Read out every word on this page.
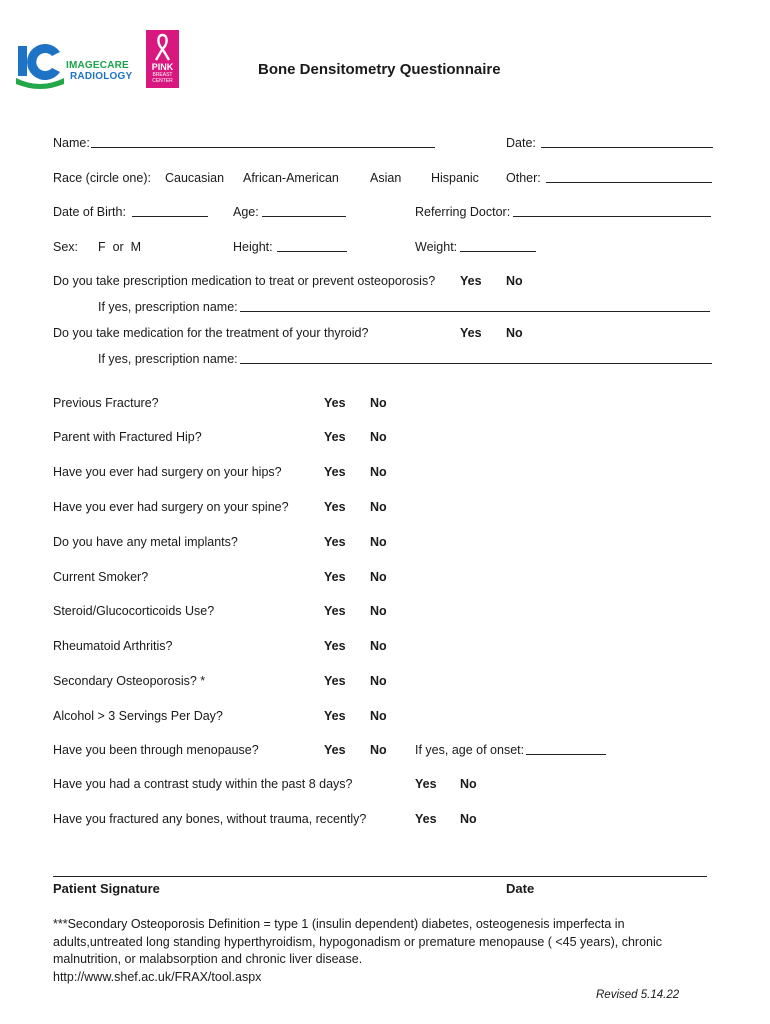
IMAGECARE
RADIOLOGY
PINK
BREAST
CENTER
Bone Densitometry Questionnaire
Name:	Date:
Race (circle one): Caucasian African-American Asian Hispanic Other:
Date of Birth:	Age:	Referring Doctor:
Sex: F  or  M	Height:	Weight:
Do you take prescription medication to treat or prevent osteoporosis? Yes No
If yes, prescription name:
Do you take medication for the treatment of your thyroid?	Yes No
If yes, prescription name:
Previous Fracture?	Yes No
Parent with Fractured Hip?	Yes No
Have you ever had surgery on your hips?	Yes No
Have you ever had surgery on your spine?	Yes No
Do you have any metal implants?	Yes No
Current Smoker?	Yes No
Steroid/Glucocorticoids Use?	Yes No
Rheumatoid Arthritis?	Yes No
Secondary Osteoporosis? *	Yes No
Alcohol > 3 Servings Per Day?	Yes No
Have you been through menopause?	Yes No If yes, age of onset:
Have you had a contrast study within the past 8 days?	Yes No
Have you fractured any bones, without trauma, recently?	Yes No
Patient Signature	Date
***Secondary Osteoporosis Definition = type 1 (insulin dependent) diabetes, osteogenesis imperfecta in adults,untreated long standing hyperthyroidism, hypogonadism or premature menopause ( <45 years), chronic malnutrition, or malabsorption and chronic liver disease.
http://www.shef.ac.uk/FRAX/tool.aspx
Revised 5.14.22
